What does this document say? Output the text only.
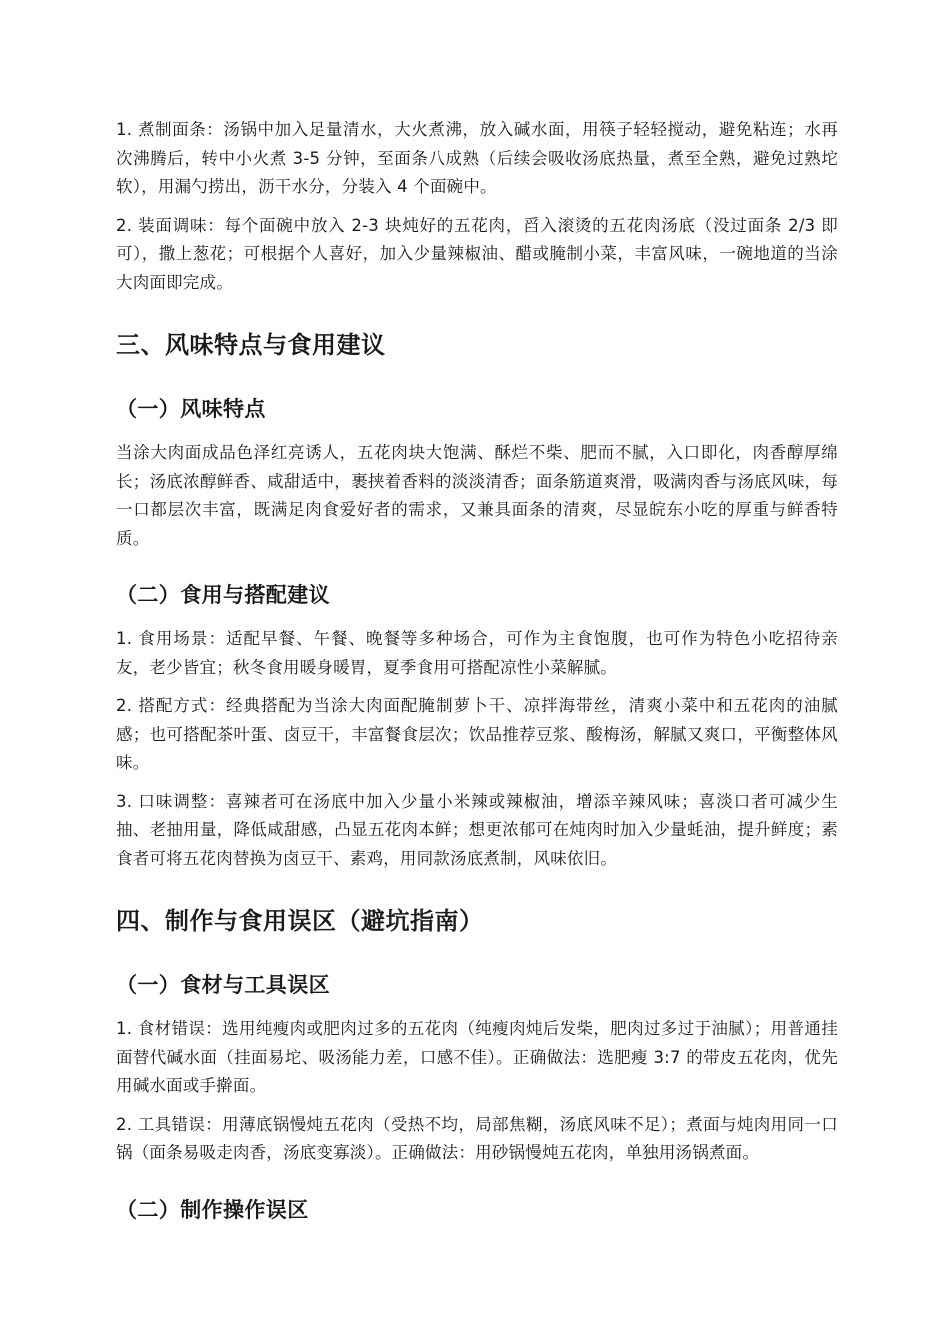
1. 煮制面条：汤锅中加入足量清水，大火煮沸，放入碱水面，用筷子轻轻搅动，避免粘连；水再次沸腾后，转中小火煮 3-5 分钟，至面条八成熟（后续会吸收汤底热量，煮至全熟，避免过熟坨软），用漏勺捞出，沥干水分，分装入 4 个面碗中。

2. 装面调味：每个面碗中放入 2-3 块炖好的五花肉，舀入滚烫的五花肉汤底（没过面条 2/3 即可），撒上葱花；可根据个人喜好，加入少量辣椒油、醋或腌制小菜，丰富风味，一碗地道的当涂大肉面即完成。

三、风味特点与食用建议
（一）风味特点

当涂大肉面成品色泽红亮诱人，五花肉块大饱满、酥烂不柴、肥而不腻，入口即化，肉香醇厚绵长；汤底浓醇鲜香、咸甜适中，裹挟着香料的淡淡清香；面条筋道爽滑，吸满肉香与汤底风味，每一口都层次丰富，既满足肉食爱好者的需求，又兼具面条的清爽，尽显皖东小吃的厚重与鲜香特质。

（二）食用与搭配建议

1. 食用场景：适配早餐、午餐、晚餐等多种场合，可作为主食饱腹，也可作为特色小吃招待亲友，老少皆宜；秋冬食用暖身暖胃，夏季食用可搭配凉性小菜解腻。

2. 搭配方式：经典搭配为当涂大肉面配腌制萝卜干、凉拌海带丝，清爽小菜中和五花肉的油腻感；也可搭配茶叶蛋、卤豆干，丰富餐食层次；饮品推荐豆浆、酸梅汤，解腻又爽口，平衡整体风味。

3. 口味调整：喜辣者可在汤底中加入少量小米辣或辣椒油，增添辛辣风味；喜淡口者可减少生抽、老抽用量，降低咸甜感，凸显五花肉本鲜；想更浓郁可在炖肉时加入少量蚝油，提升鲜度；素食者可将五花肉替换为卤豆干、素鸡，用同款汤底煮制，风味依旧。

四、制作与食用误区（避坑指南）
（一）食材与工具误区

1. 食材错误：选用纯瘦肉或肥肉过多的五花肉（纯瘦肉炖后发柴，肥肉过多过于油腻）；用普通挂面替代碱水面（挂面易坨、吸汤能力差，口感不佳）。正确做法：选肥瘦 3:7 的带皮五花肉，优先用碱水面或手擀面。

2. 工具错误：用薄底锅慢炖五花肉（受热不均，局部焦糊，汤底风味不足）；煮面与炖肉用同一口锅（面条易吸走肉香，汤底变寡淡）。正确做法：用砂锅慢炖五花肉，单独用汤锅煮面。

（二）制作操作误区
